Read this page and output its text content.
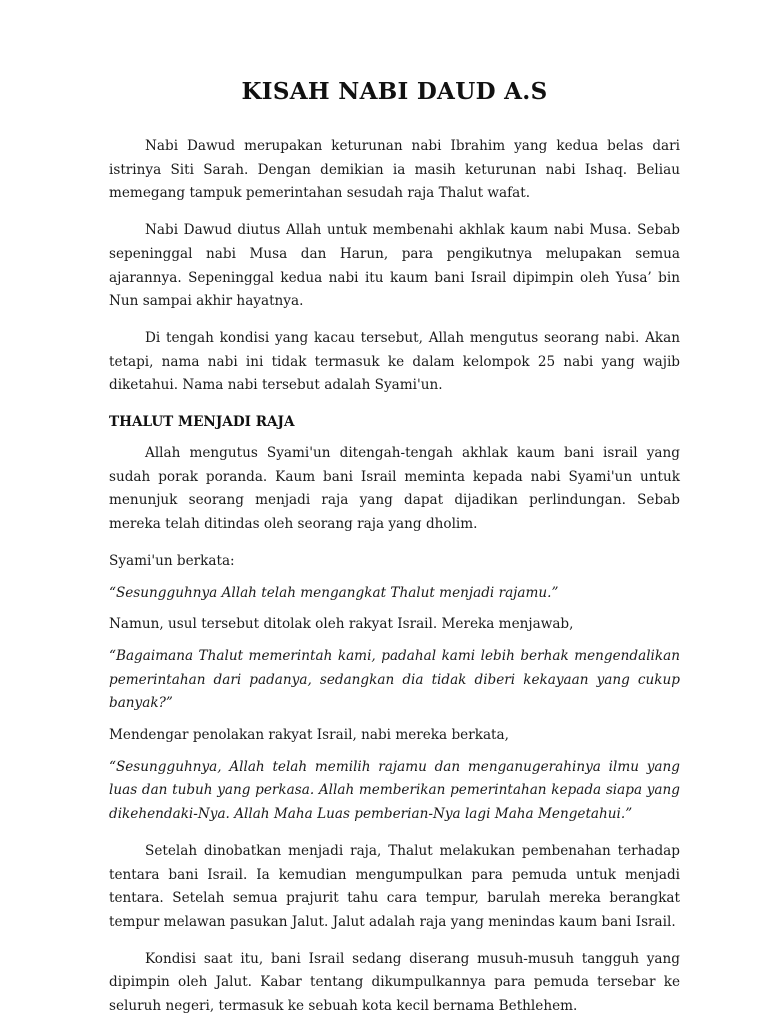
KISAH NABI DAUD A.S

Nabi Dawud merupakan keturunan nabi Ibrahim yang kedua belas dari istrinya Siti Sarah. Dengan demikian ia masih keturunan nabi Ishaq. Beliau memegang tampuk pemerintahan sesudah raja Thalut wafat.

Nabi Dawud diutus Allah untuk membenahi akhlak kaum nabi Musa. Sebab sepeninggal nabi Musa dan Harun, para pengikutnya melupakan semua ajarannya. Sepeninggal kedua nabi itu kaum bani Israil dipimpin oleh Yusa’ bin Nun sampai akhir hayatnya.

Di tengah kondisi yang kacau tersebut, Allah mengutus seorang nabi. Akan tetapi, nama nabi ini tidak termasuk ke dalam kelompok 25 nabi yang wajib diketahui. Nama nabi tersebut adalah Syami'un.

THALUT MENJADI RAJA

Allah mengutus Syami'un ditengah-tengah akhlak kaum bani israil yang sudah porak poranda. Kaum bani Israil meminta kepada nabi Syami'un untuk menunjuk seorang menjadi raja yang dapat dijadikan perlindungan. Sebab mereka telah ditindas oleh seorang raja yang dholim.

Syami'un berkata:

“Sesungguhnya Allah telah mengangkat Thalut menjadi rajamu.”

Namun, usul tersebut ditolak oleh rakyat Israil. Mereka menjawab,

“Bagaimana Thalut memerintah kami, padahal kami lebih berhak mengendalikan pemerintahan dari padanya, sedangkan dia tidak diberi kekayaan yang cukup banyak?”

Mendengar penolakan rakyat Israil, nabi mereka berkata,

“Sesungguhnya, Allah telah memilih rajamu dan menganugerahinya ilmu yang luas dan tubuh yang perkasa. Allah memberikan pemerintahan kepada siapa yang dikehendaki-Nya. Allah Maha Luas pemberian-Nya lagi Maha Mengetahui.”

Setelah dinobatkan menjadi raja, Thalut melakukan pembenahan terhadap tentara bani Israil. Ia kemudian mengumpulkan para pemuda untuk menjadi tentara. Setelah semua prajurit tahu cara tempur, barulah mereka berangkat tempur melawan pasukan Jalut. Jalut adalah raja yang menindas kaum bani Israil.

Kondisi saat itu, bani Israil sedang diserang musuh-musuh tangguh yang dipimpin oleh Jalut. Kabar tentang dikumpulkannya para pemuda tersebar ke seluruh negeri, termasuk ke sebuah kota kecil bernama Bethlehem.
